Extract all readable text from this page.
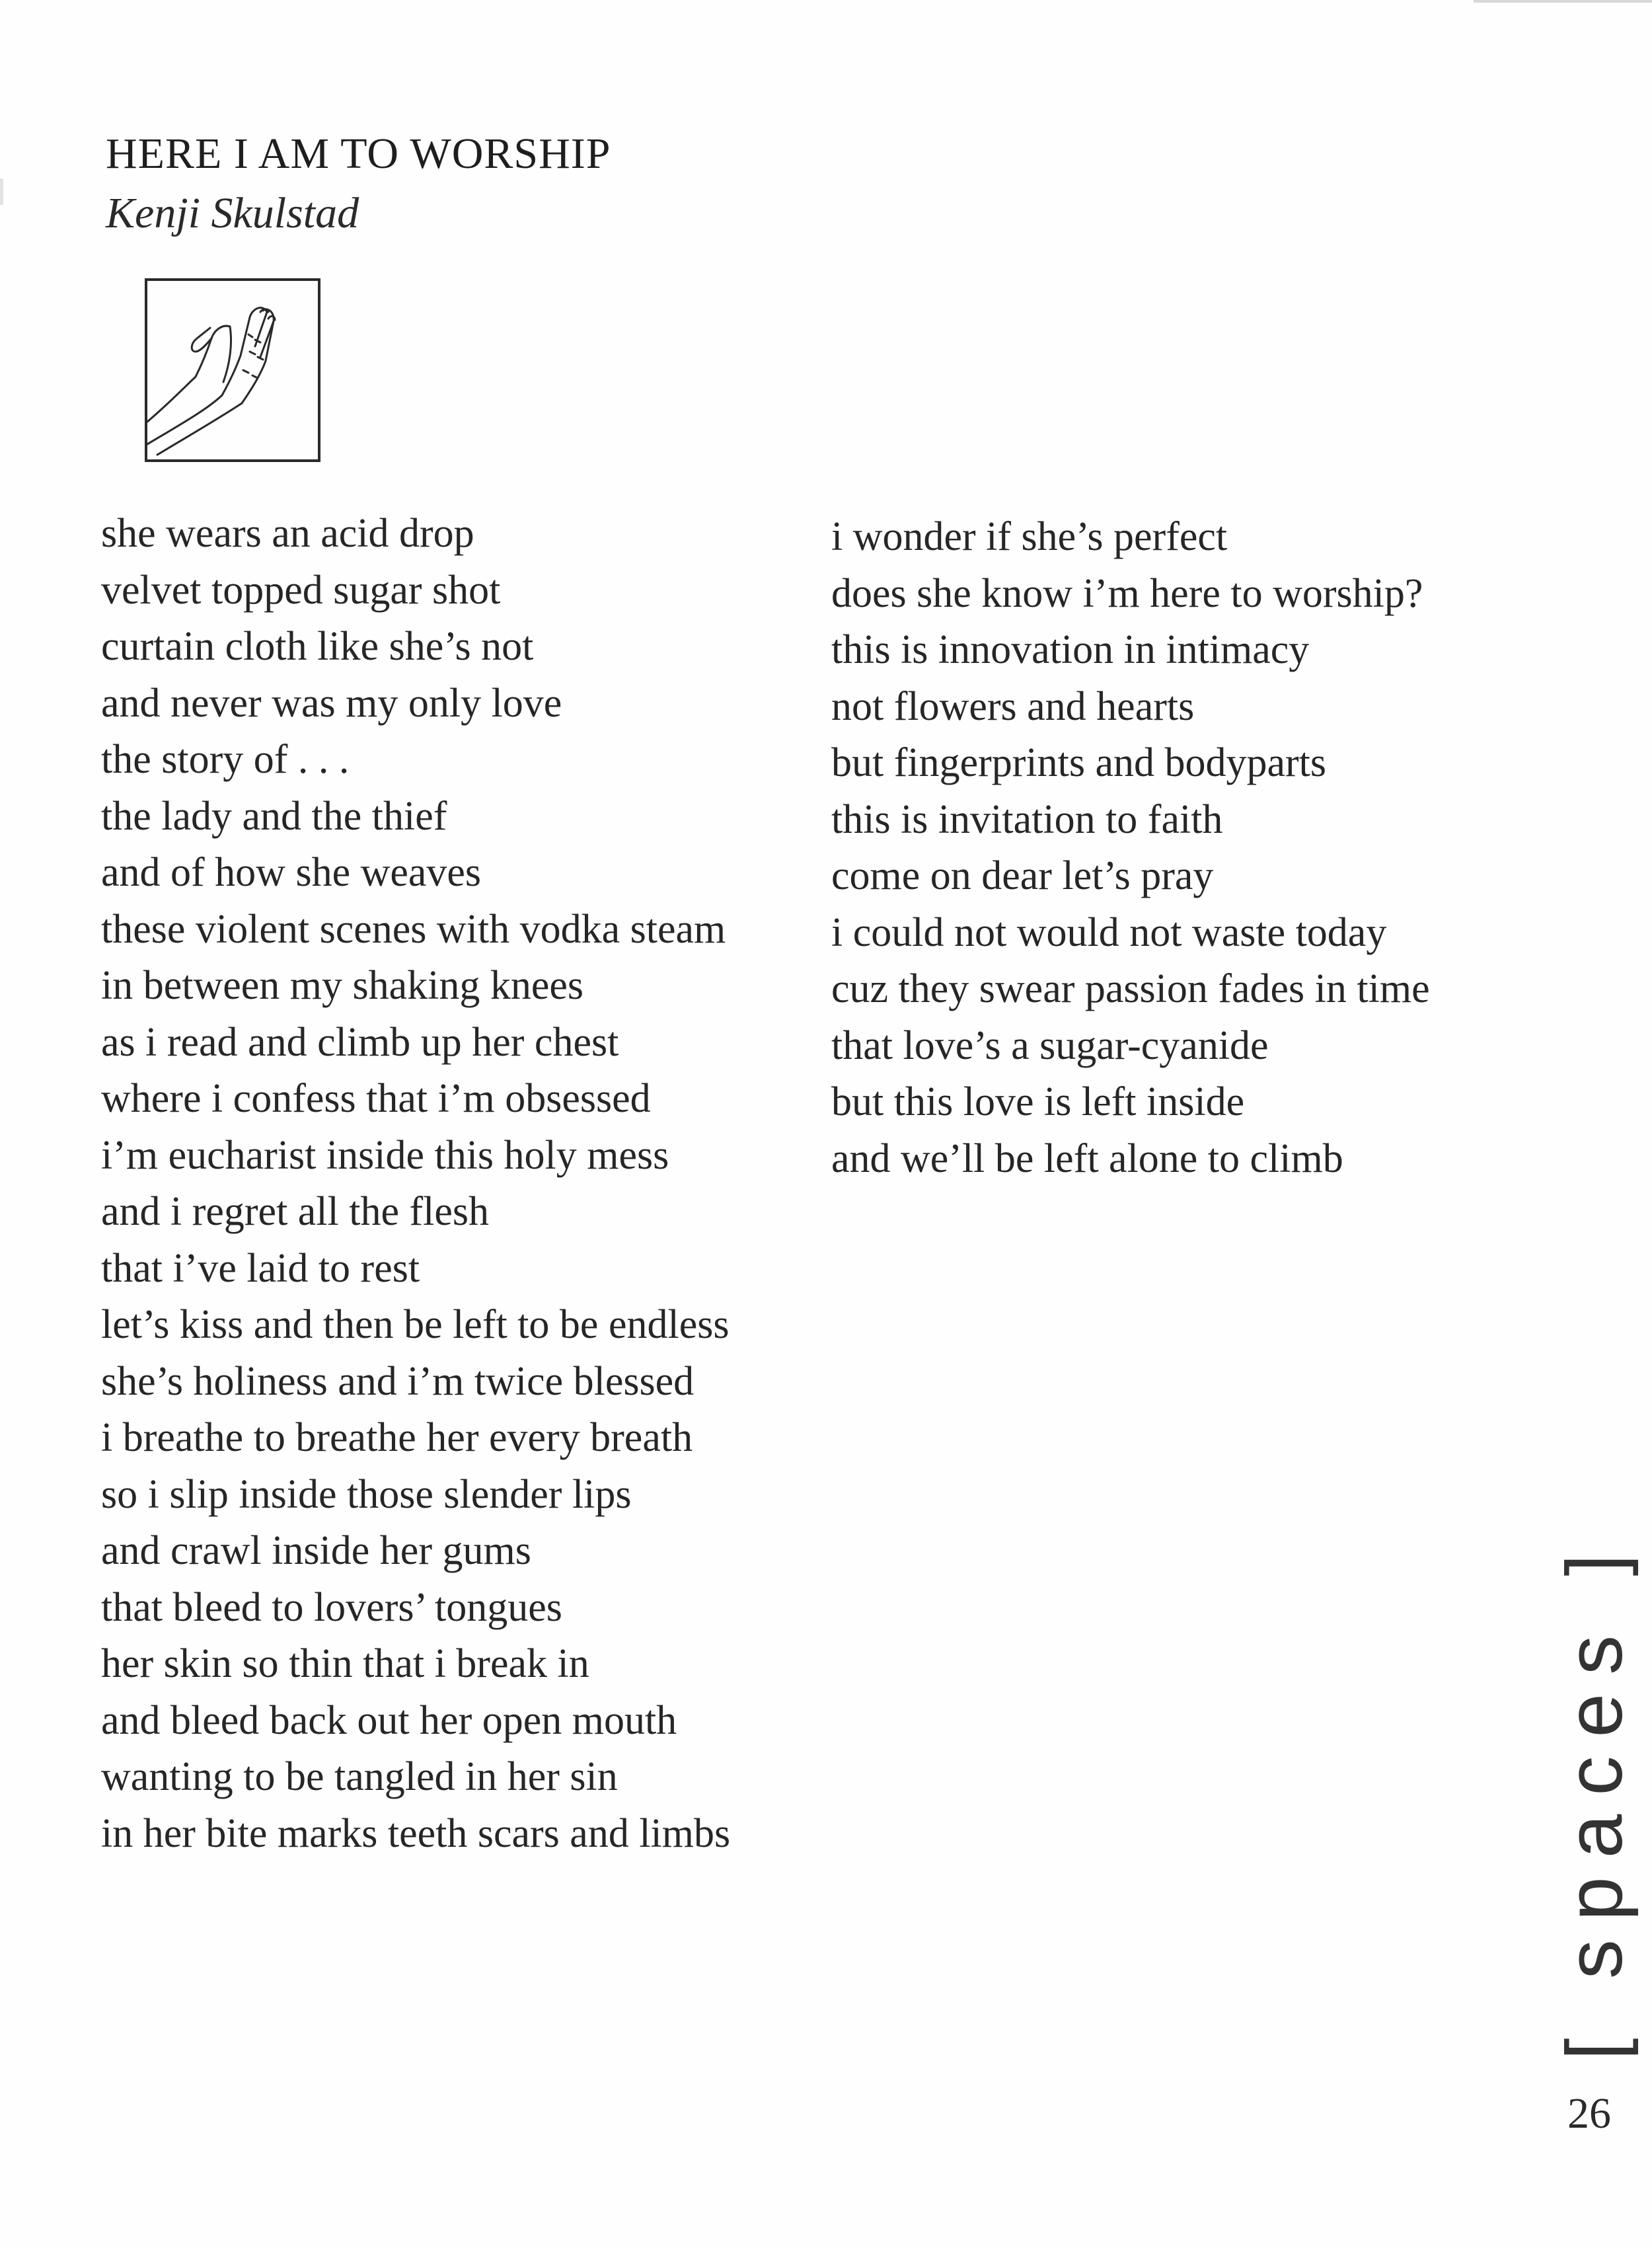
HERE I AM TO WORSHIP
Kenji Skulstad
she wears an acid drop
velvet topped sugar shot
curtain cloth like she’s not
and never was my only love
the story of . . .
the lady and the thief
and of how she weaves
these violent scenes with vodka steam
in between my shaking knees
as i read and climb up her chest
where i confess that i’m obsessed
i’m eucharist inside this holy mess
and i regret all the flesh
that i’ve laid to rest
let’s kiss and then be left to be endless
she’s holiness and i’m twice blessed
i breathe to breathe her every breath
so i slip inside those slender lips
and crawl inside her gums
that bleed to lovers’ tongues
her skin so thin that i break in
and bleed back out her open mouth
wanting to be tangled in her sin
in her bite marks teeth scars and limbs
i wonder if she’s perfect
does she know i’m here to worship?
this is innovation in intimacy
not flowers and hearts
but fingerprints and bodyparts
this is invitation to faith
come on dear let’s pray
i could not would not waste today
cuz they swear passion fades in time
that love’s a sugar-cyanide
but this love is left inside
and we’ll be left alone to climb
[ spaces ]
26
